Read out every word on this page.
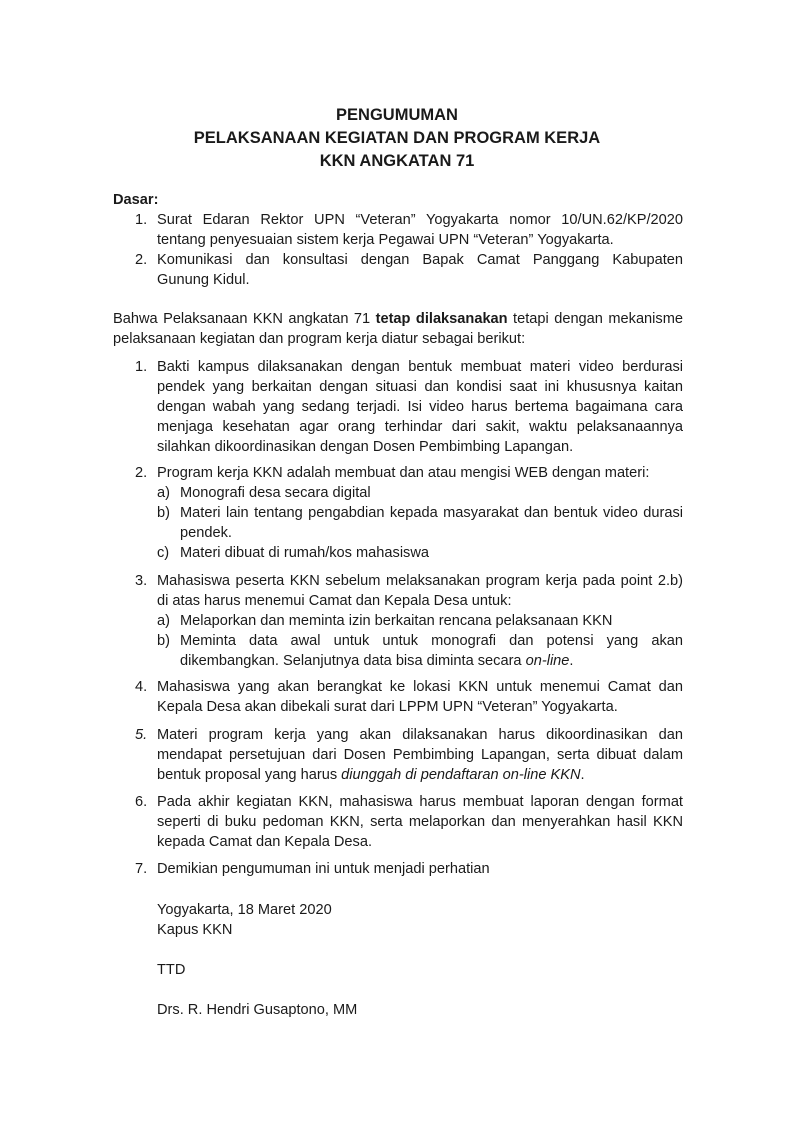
PENGUMUMAN
PELAKSANAAN KEGIATAN DAN PROGRAM KERJA
KKN ANGKATAN 71
Dasar:
1. Surat Edaran Rektor UPN “Veteran” Yogyakarta nomor 10/UN.62/KP/2020
tentang penyesuaian sistem kerja Pegawai UPN “Veteran” Yogyakarta.
2. Komunikasi dan konsultasi dengan Bapak Camat Panggang Kabupaten
Gunung Kidul.
Bahwa Pelaksanaan KKN angkatan 71 tetap dilaksanakan tetapi dengan mekanisme
pelaksanaan kegiatan dan program kerja diatur sebagai berikut:
1. Bakti kampus dilaksanakan dengan bentuk membuat materi video berdurasi
pendek yang berkaitan dengan situasi dan kondisi saat ini khususnya kaitan
dengan wabah yang sedang terjadi. Isi video harus bertema bagaimana cara
menjaga kesehatan agar orang terhindar dari sakit, waktu pelaksanaannya
silahkan dikoordinasikan dengan Dosen Pembimbing Lapangan.
2. Program kerja KKN adalah membuat dan atau mengisi WEB dengan materi:
a) Monografi desa secara digital
b) Materi lain tentang pengabdian kepada masyarakat dan bentuk video durasi
pendek.
c) Materi dibuat di rumah/kos mahasiswa
3. Mahasiswa peserta KKN sebelum melaksanakan program kerja pada point 2.b)
di atas harus menemui Camat dan Kepala Desa untuk:
a) Melaporkan dan meminta izin berkaitan rencana pelaksanaan KKN
b) Meminta data awal untuk untuk monografi dan potensi yang akan
dikembangkan. Selanjutnya data bisa diminta secara on-line.
4. Mahasiswa yang akan berangkat ke lokasi KKN untuk menemui Camat dan
Kepala Desa akan dibekali surat dari LPPM UPN “Veteran” Yogyakarta.
5. Materi program kerja yang akan dilaksanakan harus dikoordinasikan dan
mendapat persetujuan dari Dosen Pembimbing Lapangan, serta dibuat dalam
bentuk proposal yang harus diunggah di pendaftaran on-line KKN.
6. Pada akhir kegiatan KKN, mahasiswa harus membuat laporan dengan format
seperti di buku pedoman KKN, serta melaporkan dan menyerahkan hasil KKN
kepada Camat dan Kepala Desa.
7. Demikian pengumuman ini untuk menjadi perhatian
Yogyakarta, 18 Maret 2020
Kapus KKN
TTD
Drs. R. Hendri Gusaptono, MM
